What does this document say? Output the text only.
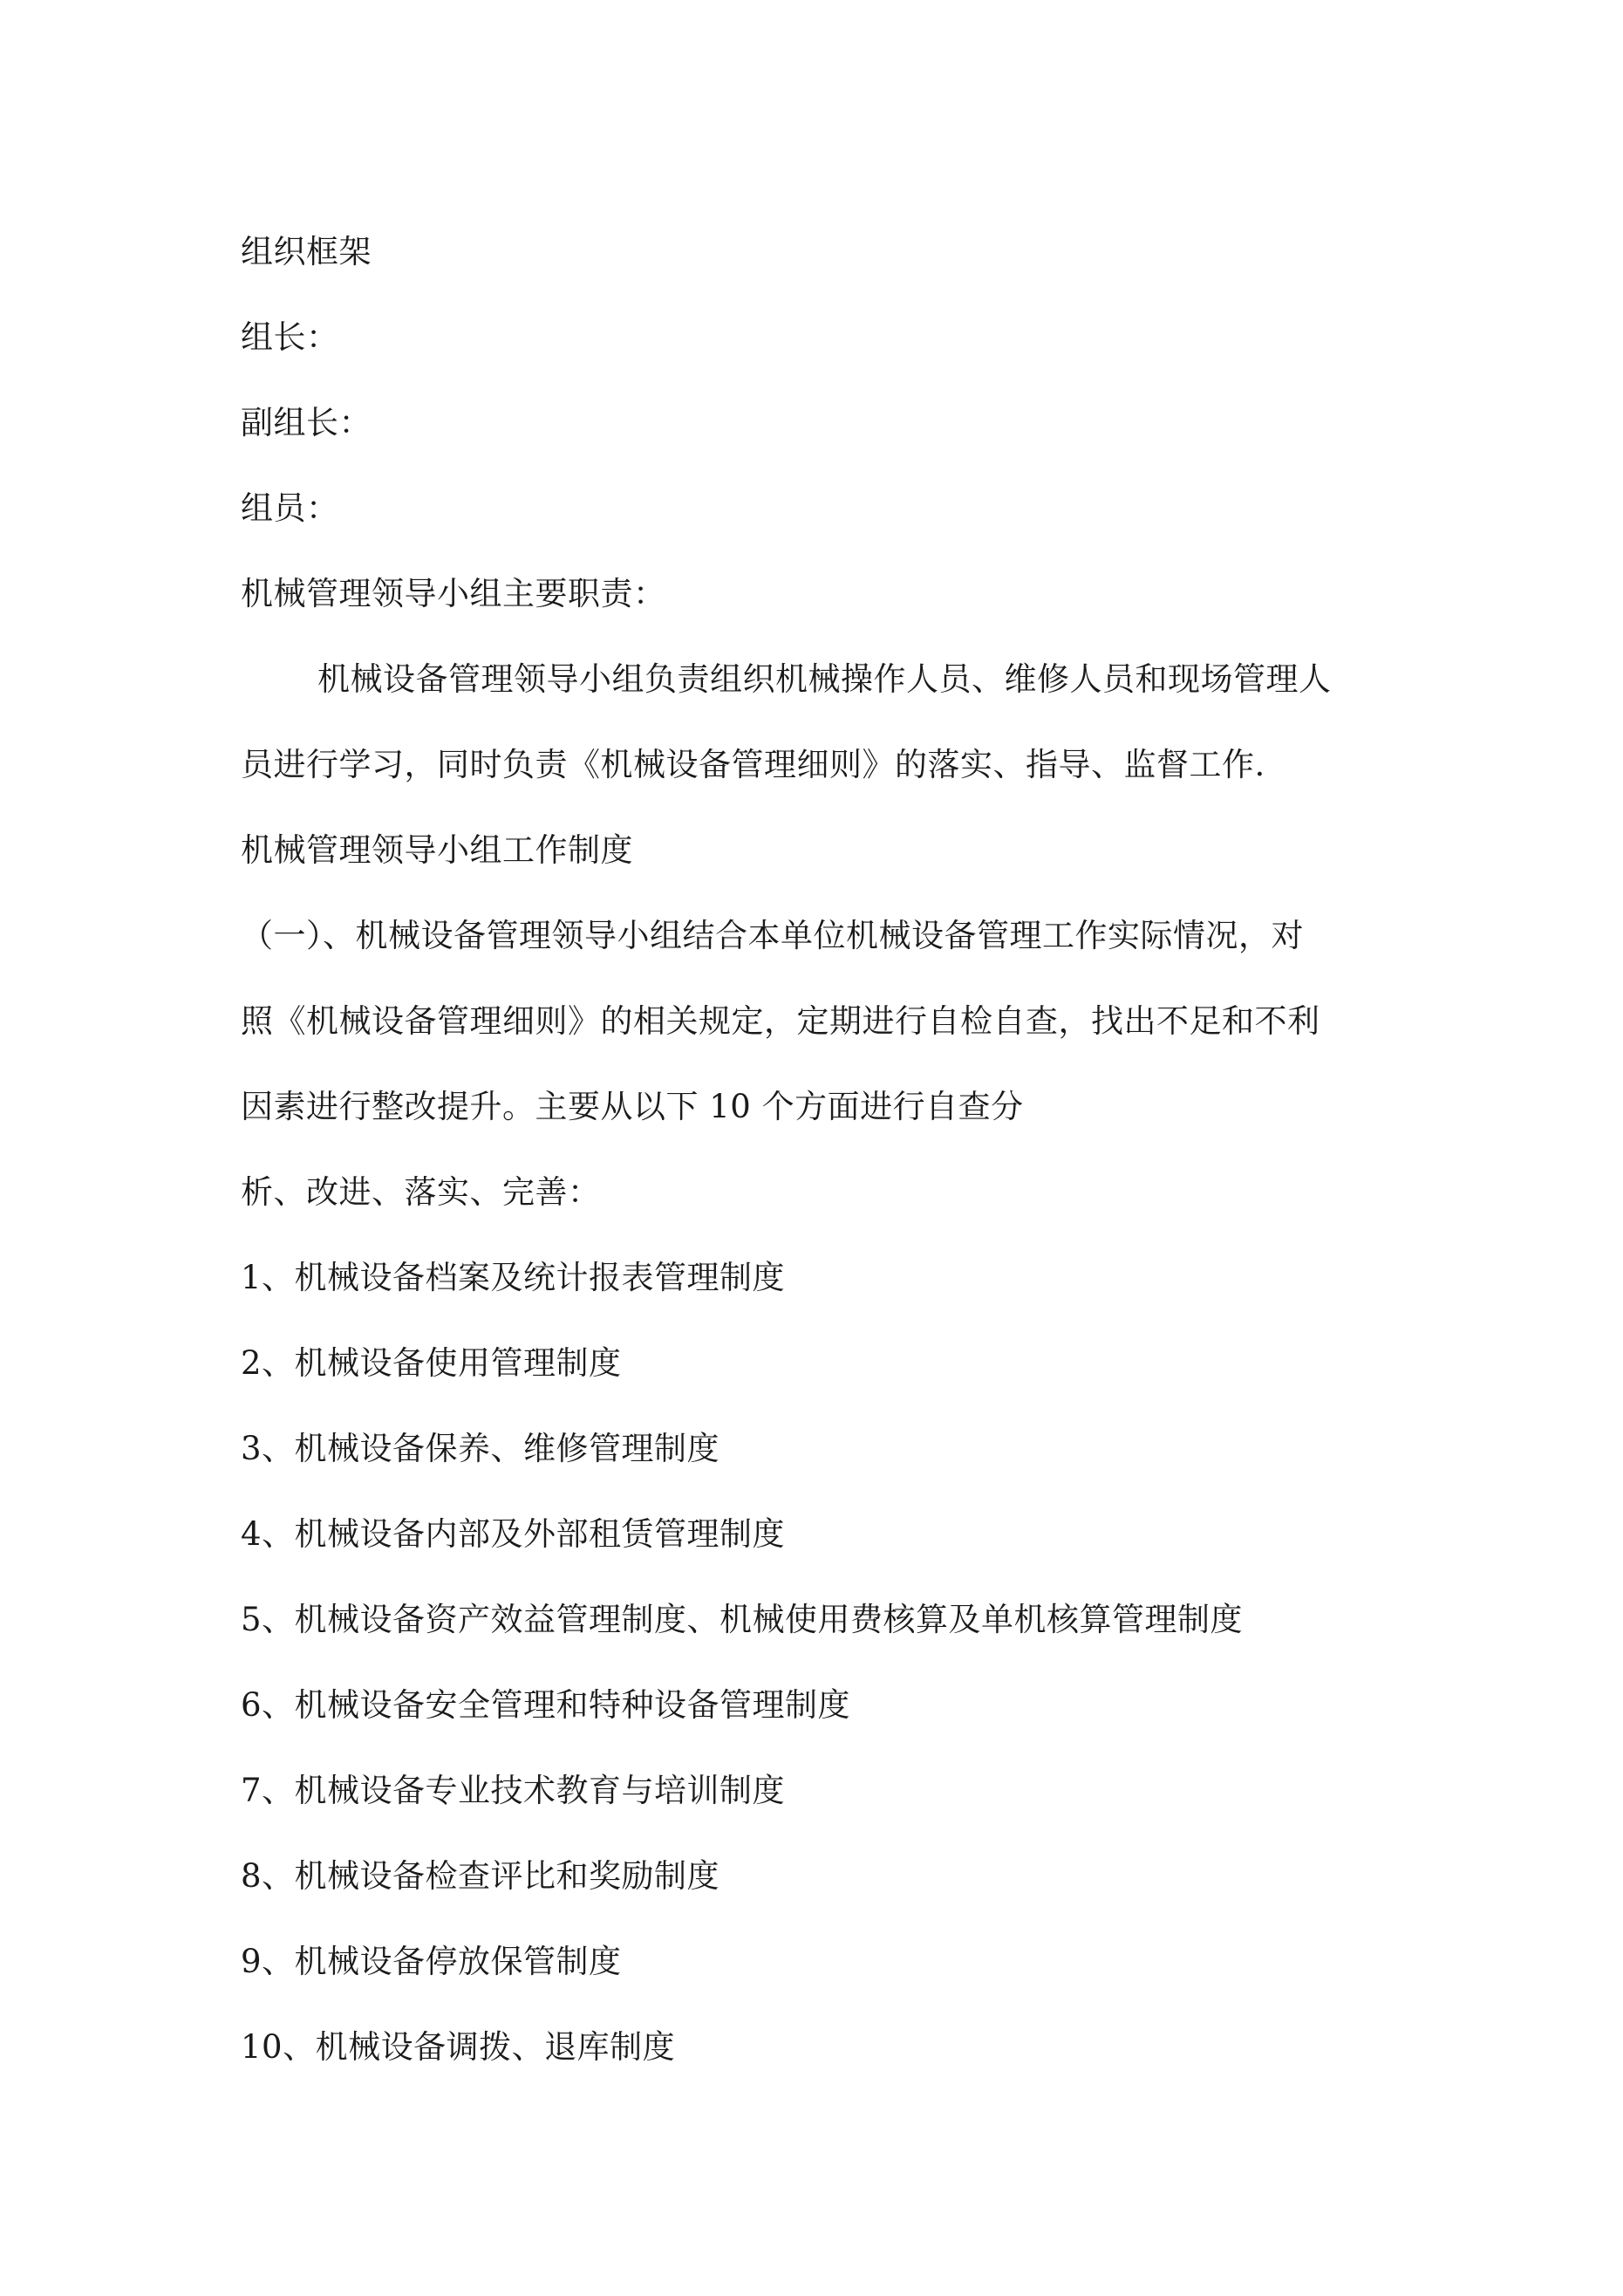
组织框架
组长：
副组长：
组员：
机械管理领导小组主要职责：
机械设备管理领导小组负责组织机械操作人员、维修人员和现场管理人
员进行学习，同时负责《机械设备管理细则》的落实、指导、监督工作.
机械管理领导小组工作制度
（一）、机械设备管理领导小组结合本单位机械设备管理工作实际情况，对
照《机械设备管理细则》的相关规定，定期进行自检自查，找出不足和不利
因素进行整改提升。主要从以下 10 个方面进行自查分
析、改进、落实、完善：
1、机械设备档案及统计报表管理制度
2、机械设备使用管理制度
3、机械设备保养、维修管理制度
4、机械设备内部及外部租赁管理制度
5、机械设备资产效益管理制度、机械使用费核算及单机核算管理制度
6、机械设备安全管理和特种设备管理制度
7、机械设备专业技术教育与培训制度
8、机械设备检查评比和奖励制度
9、机械设备停放保管制度
10、机械设备调拨、退库制度
